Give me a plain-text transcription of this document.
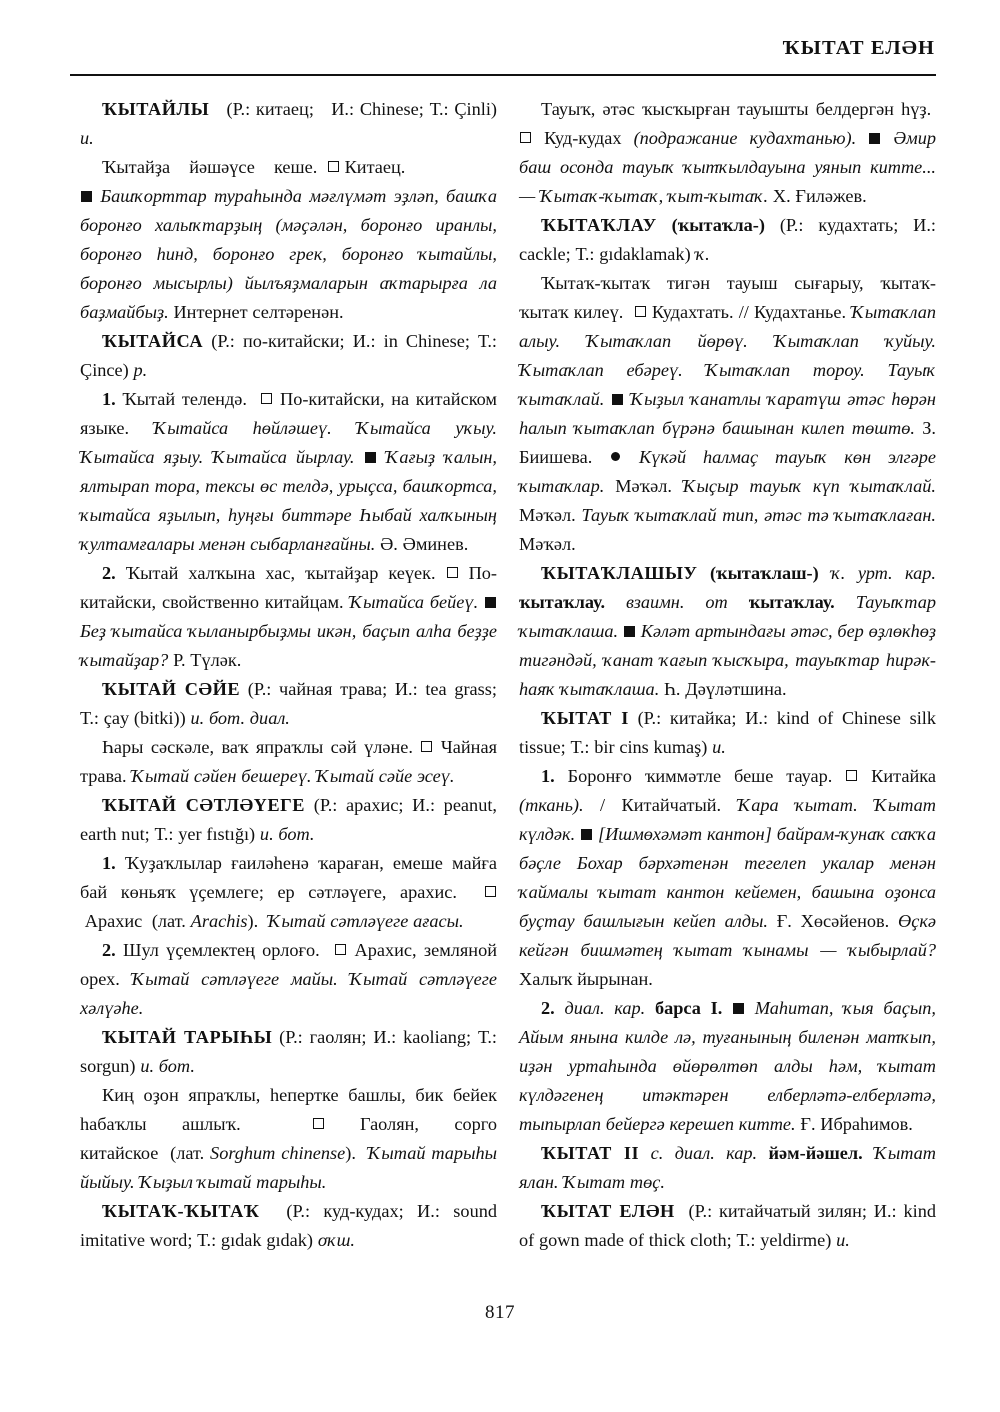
ҠЫТАТ ЕЛӘН

ҠЫТАЙЛЫ (Р.: китаец; И.: Chinese; Т.: Çinli) и.

Ҡытайҙа йәшәүсе кеше. Китаец.

Башҡорттар тураһында мәғлүмәт эҙләп, башҡа боронғо халыҡтарҙың (мәҫәлән, боронғо иранлы, боронғо һинд, боронғо грек, боронғо ҡытайлы, боронғо мысырлы) йылъяҙмаларын аҡтарырға ла баҙмайбыҙ. Интернет селтәренән.

ҠЫТАЙСА (Р.: по-китайски; И.: in Chinese; Т.: Çince) р.

1. Ҡытай телендә. По-китайски, на китайском языке. Ҡытайса һөйләшеү. Ҡытайса уҡыу. Ҡытайса яҙыу. Ҡытайса йырлау. Ҡағыҙ ҡалын, ялтырап тора, тексы өс телдә, урыҫса, башҡортса, ҡытайса яҙылып, һуңғы биттәре Һыбай халҡының ҡултамғалары менән сыбарланғайны. Ә. Әминев.

2. Ҡытай халҡына хас, ҡытайҙар кеүек. По-китайски, свойственно китайцам. Ҡытайса бейеү.  Беҙ ҡытайса ҡыланырбыҙмы икән, баҫып алһа беҙҙе ҡытайҙар? Р. Түләк.

ҠЫТАЙ СӘЙЕ (Р.: чайная трава; И.: tea grass; Т.: çay (bitki)) и. бот. диал.

Һары сәскәле, ваҡ япраҡлы сәй үләне. Чайная трава. Ҡытай сәйен бешереү. Ҡытай сәйе эсеү.

ҠЫТАЙ СӘТЛӘҮЕГЕ (Р.: арахис; И.: peanut, earth nut; Т.: yer fıstığı) и. бот.

1. Ҡуҙаҡлылар ғаиләһенә ҡараған, емеше майға бай көньяҡ үҫемлеге; ер сәтләүеге, арахис.   Арахис (лат. Arachis). Ҡытай сәтләүеге ағасы.

2. Шул үҫемлектең орлоғо. Арахис, земляной орех. Ҡытай сәтләүеге майы. Ҡытай сәтләүеге хәлүәһе.

ҠЫТАЙ ТАРЫҺЫ (Р.: гаолян; И.: kaoliang; Т.: sorgun) и. бот.

Киң оҙон япраҡлы, һепертке башлы, бик бейек һабаҡлы ашлыҡ.	Гаолян, сорго китайское (лат. Sorghum chinense). Ҡытай тарыһы йыйыу. Ҡыҙыл ҡытай тарыһы.

ҠЫТАҠ-ҠЫТАҠ (Р.: куд-кудах; И.: sound imitative word; Т.: gıdak gıdak) оҡш.

Тауыҡ, әтәс ҡысҡырған тауышты белдергән һүҙ.  Куд-кудах (подражание кудахтанью). Әмир баш осонда тауыҡ ҡытҡылдауына уянып китте... — Ҡытаҡ-ҡытаҡ, ҡыт-ҡытаҡ. Х. Ғиләжев.

ҠЫТАҠЛАУ (ҡытаҡла-) (Р.: кудахтать; И.: cackle; Т.: gıdaklamak) ҡ.

Ҡытаҡ-ҡытаҡ тигән тауыш сығарыу, ҡытаҡ-ҡытаҡ килеү. Кудахтать. // Кудахтанье. Ҡытаҡлап алыу. Ҡытаҡлап йөрөү. Ҡытаҡлап ҡуйыу. Ҡытаҡлап ебәреү. Ҡытаҡлап тороу. Тауыҡ ҡытаҡлай. Ҡыҙыл ҡанатлы ҡаратүш әтәс һөрән һалып ҡытаҡлап бүрәнә башынан килеп төштө. З. Биишева.	Күкәй һалмаҫ тауыҡ көн элгәре ҡытаҡлар. Мәҡәл. Ҡыҫыр тауыҡ күп ҡытаҡлай. Мәҡәл. Тауыҡ ҡытаҡлай тип, әтәс тә ҡытаҡлаған. Мәҡәл.

ҠЫТАҠЛАШЫУ (ҡытаҡлаш-) ҡ. урт. кар. ҡытаҡлау. взаимн. от ҡытаҡлау. Тауыҡтар ҡытаҡлаша. Кәләт артындағы әтәс, бер өҙлөкһөҙ тигәндәй, ҡанат ҡағып ҡысҡыра, тауыҡтар һирәк-һаяҡ ҡытаҡлаша. Һ. Дәүләтшина.

ҠЫТАТ I (Р.: китайка; И.: kind of Chinese silk tissue; Т.: bir cins kumaş) и.

1. Боронғо ҡиммәтле беше тауар. Китайка (ткань). / Китайчатый. Ҡара ҡытат. Ҡытат күлдәк. [Ишмөхәмәт кантон] байрам-ҡунаҡ саҡҡа бәҫле Бохар бәрхәтенән тегелеп укалар менән ҡаймалы ҡытат кантон кейемен, башына оҙонса буҫтау башлығын кейеп алды. Ғ. Хөсәйенов. Өҫкә кейгән бишмәтең ҡытат ҡынамы — ҡыбырлай? Халыҡ йырынан.

2. диал. кар. барса I. Маһитап, ҡыя баҫып, Айым янына килде лә, туғанының биленән матҡып, иҙән уртаһында өйөрөлтөп алды һәм, ҡытат күлдәгенең итәктәрен елберләтә-елберләтә, тыпырлап бейергә керешеп китте. Ғ. Ибраһимов.

ҠЫТАТ II с. диал. кар. йәм-йәшел. Ҡытат ялан. Ҡытат төҫ.

ҠЫТАТ ЕЛӘН (Р.: китайчатый зилян; И.: kind of gown made of thick cloth; Т.: yeldirme) и.

817
